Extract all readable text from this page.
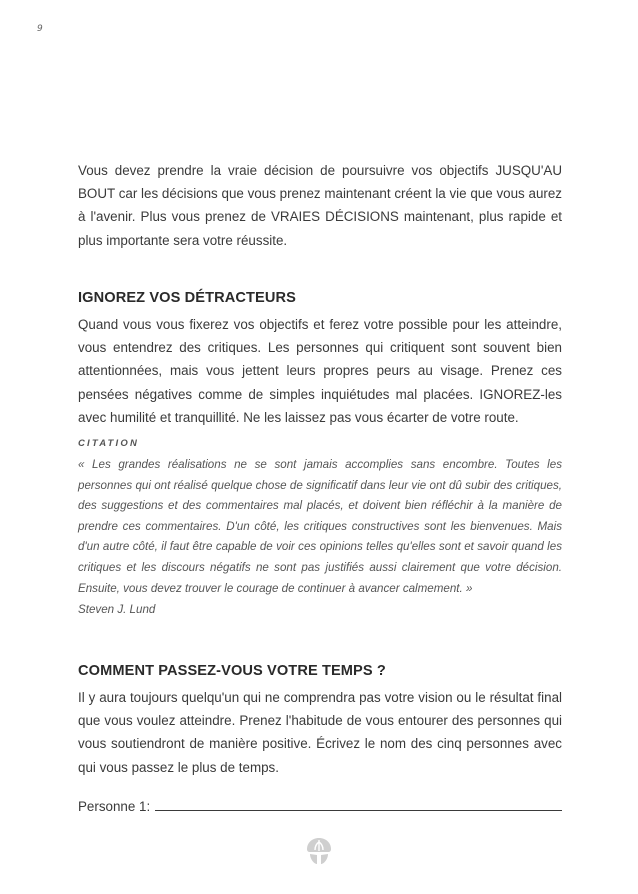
9

Vous devez prendre la vraie décision de poursuivre vos objectifs JUSQU'AU BOUT car les décisions que vous prenez maintenant créent la vie que vous aurez à l'avenir. Plus vous prenez de VRAIES DÉCISIONS maintenant, plus rapide et plus importante sera votre réussite.

IGNOREZ VOS DÉTRACTEURS

Quand vous vous fixerez vos objectifs et ferez votre possible pour les atteindre, vous entendrez des critiques. Les personnes qui critiquent sont souvent bien attentionnées, mais vous jettent leurs propres peurs au visage. Prenez ces pensées négatives comme de simples inquiétudes mal placées. IGNOREZ-les avec humilité et tranquillité. Ne les laissez pas vous écarter de votre route.

CITATION

« Les grandes réalisations ne se sont jamais accomplies sans encombre. Toutes les personnes qui ont réalisé quelque chose de significatif dans leur vie ont dû subir des critiques, des suggestions et des commentaires mal placés, et doivent bien réfléchir à la manière de prendre ces commentaires. D'un côté, les critiques constructives sont les bienvenues. Mais d'un autre côté, il faut être capable de voir ces opinions telles qu'elles sont et savoir quand les critiques et les discours négatifs ne sont pas justifiés aussi clairement que votre décision. Ensuite, vous devez trouver le courage de continuer à avancer calmement. »

Steven J. Lund

COMMENT PASSEZ-VOUS VOTRE TEMPS ?

Il y aura toujours quelqu'un qui ne comprendra pas votre vision ou le résultat final que vous voulez atteindre. Prenez l'habitude de vous entourer des personnes qui vous soutiendront de manière positive. Écrivez le nom des cinq personnes avec qui vous passez le plus de temps.

Personne 1:
